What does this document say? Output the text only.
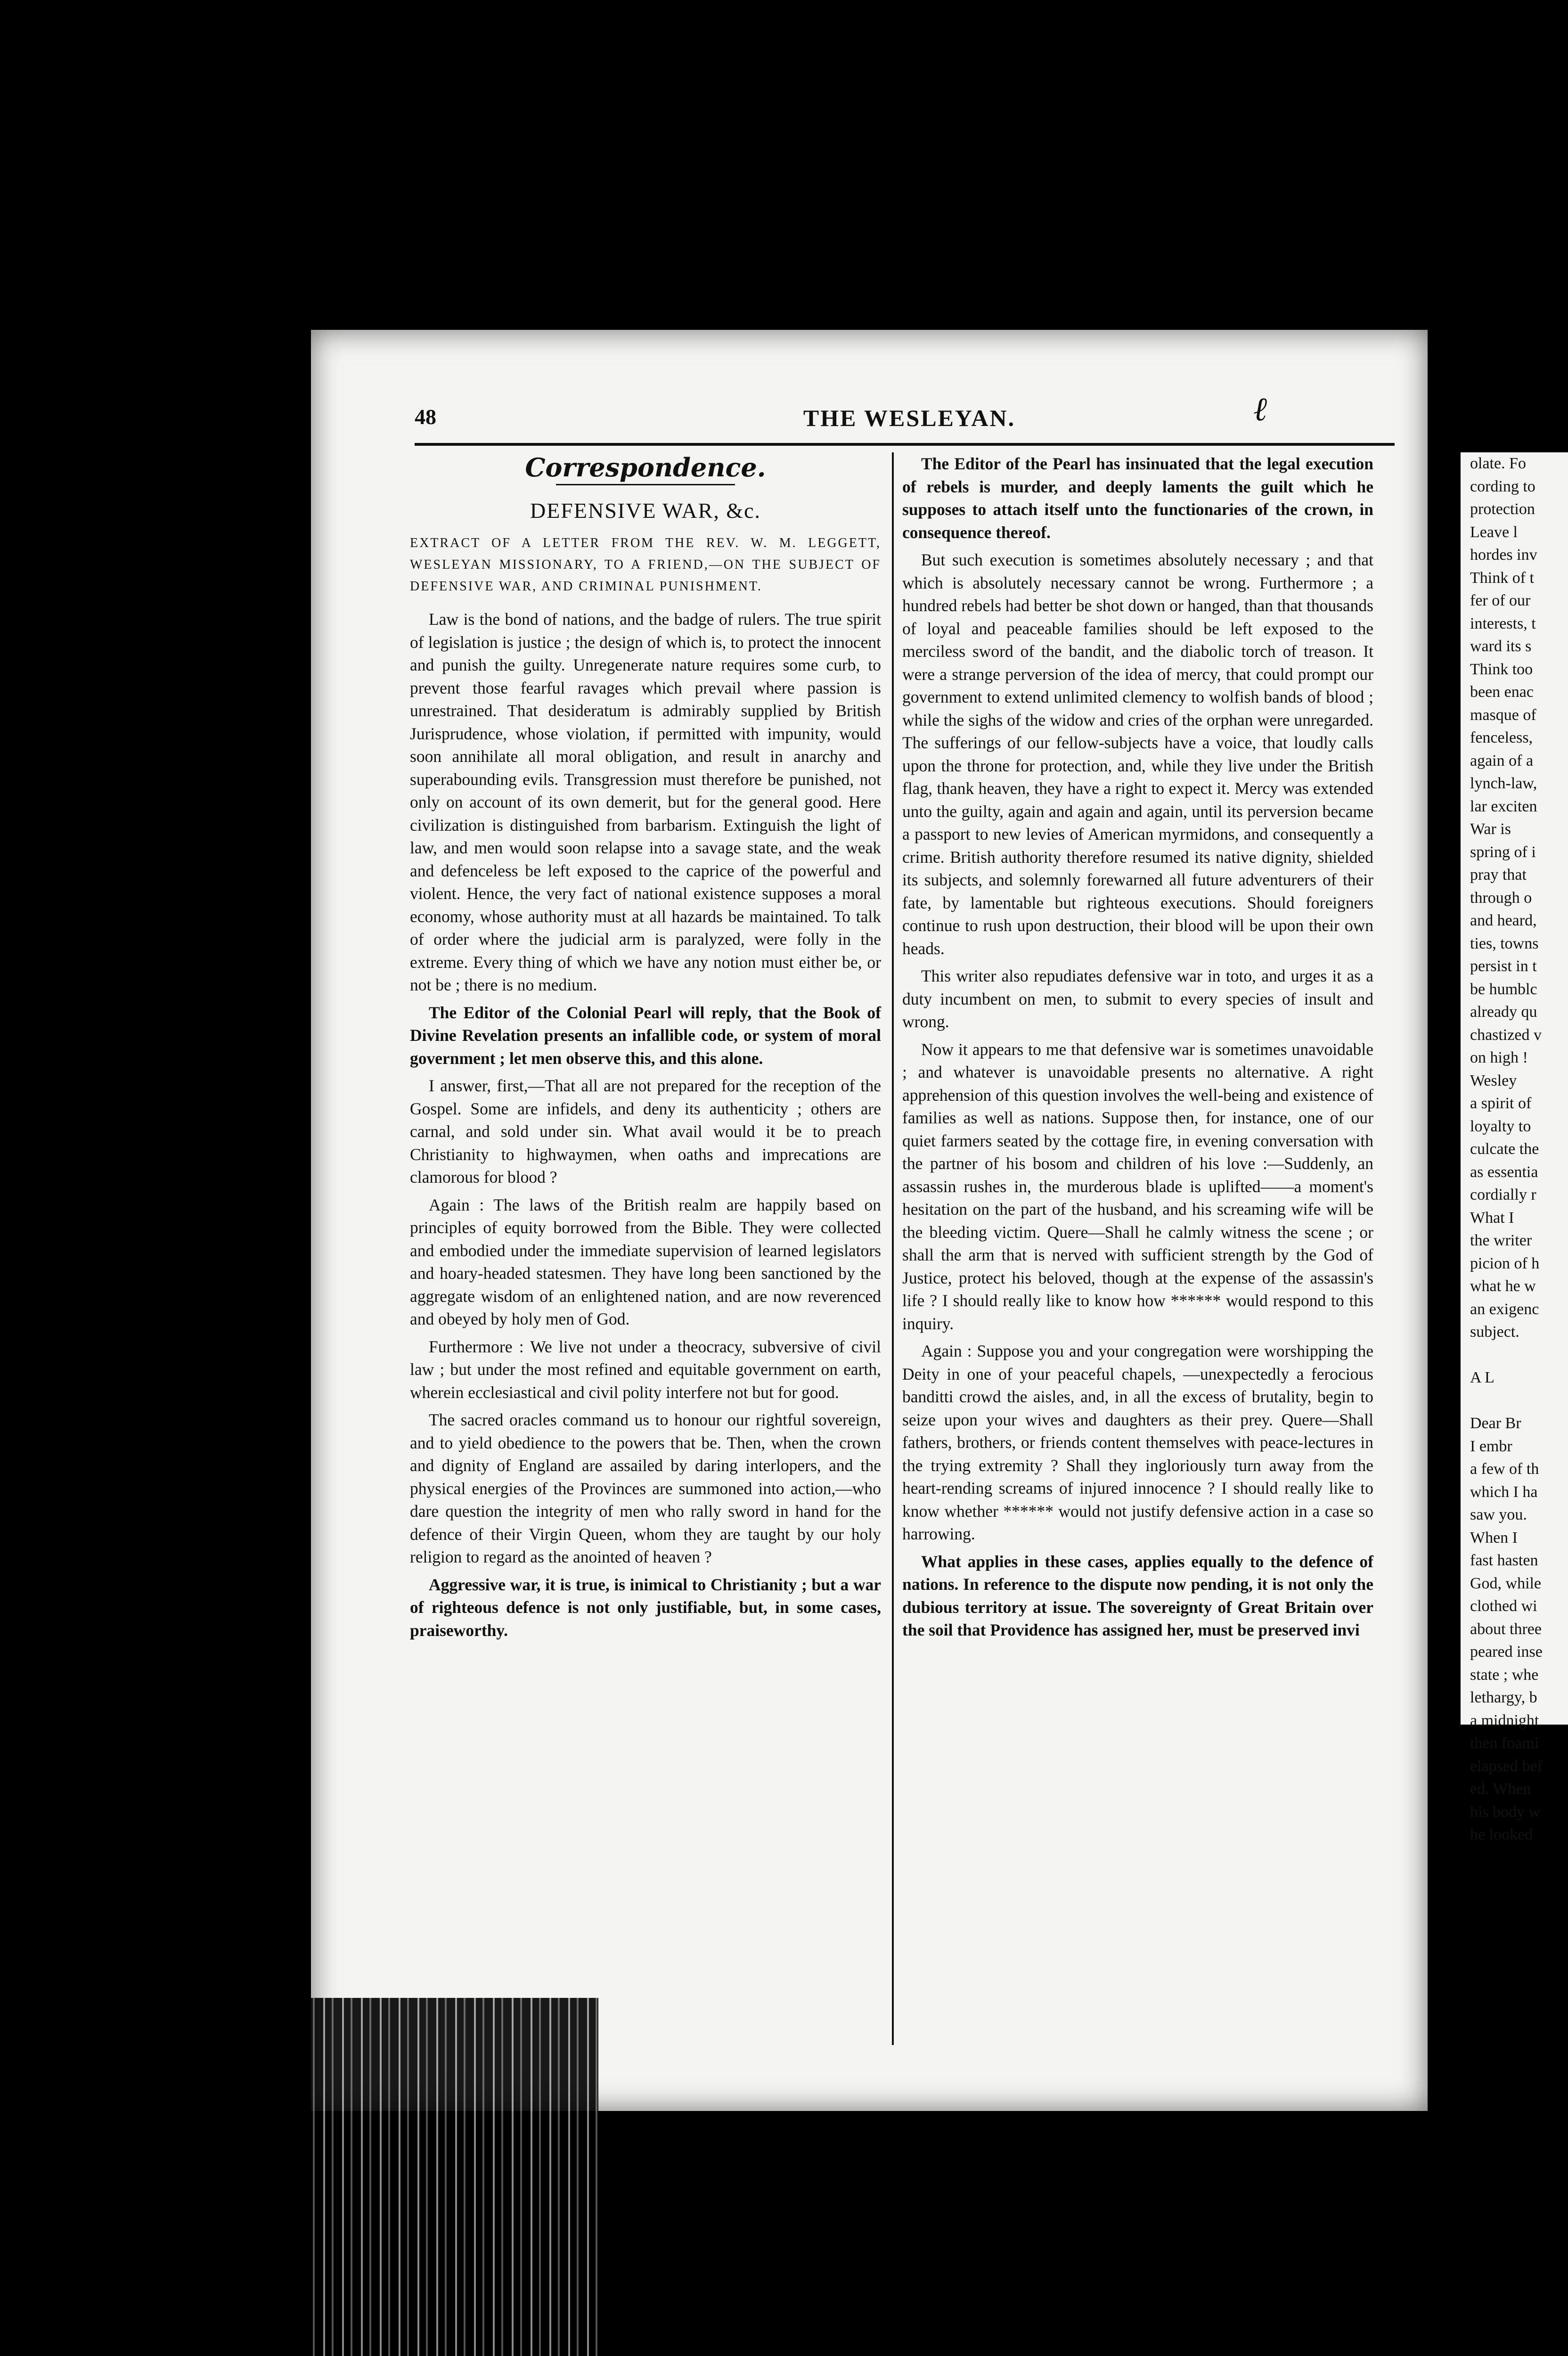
48	THE WESLEYAN.	ℓ
Correspondence.
DEFENSIVE WAR, &c.
EXTRACT OF A LETTER FROM THE REV. W. M. LEGGETT, WESLEYAN MISSIONARY, TO A FRIEND,—ON THE SUBJECT OF DEFENSIVE WAR, AND CRIMINAL PUNISHMENT.

Law is the bond of nations, and the badge of rulers. The true spirit of legislation is justice ; the design of which is, to protect the innocent and punish the guilty. Unregenerate nature requires some curb, to prevent those fearful ravages which prevail where passion is unrestrained. That desideratum is admirably supplied by British Jurisprudence, whose violation, if permitted with impunity, would soon annihilate all moral obligation, and result in anarchy and superabounding evils. Transgression must therefore be punished, not only on account of its own demerit, but for the general good. Here civilization is distinguished from barbarism. Extinguish the light of law, and men would soon relapse into a savage state, and the weak and defenceless be left exposed to the caprice of the powerful and violent. Hence, the very fact of national existence supposes a moral economy, whose authority must at all hazards be maintained. To talk of order where the judicial arm is paralyzed, were folly in the extreme. Every thing of which we have any notion must either be, or not be ; there is no medium.

The Editor of the Colonial Pearl will reply, that the Book of Divine Revelation presents an infallible code, or system of moral government ; let men observe this, and this alone.

I answer, first,—That all are not prepared for the reception of the Gospel. Some are infidels, and deny its authenticity ; others are carnal, and sold under sin. What avail would it be to preach Christianity to highwaymen, when oaths and imprecations are clamorous for blood ?

Again : The laws of the British realm are happily based on principles of equity borrowed from the Bible. They were collected and embodied under the immediate supervision of learned legislators and hoary-headed statesmen. They have long been sanctioned by the aggregate wisdom of an enlightened nation, and are now reverenced and obeyed by holy men of God.

Furthermore : We live not under a theocracy, subversive of civil law ; but under the most refined and equitable government on earth, wherein ecclesiastical and civil polity interfere not but for good.

The sacred oracles command us to honour our rightful sovereign, and to yield obedience to the powers that be. Then, when the crown and dignity of England are assailed by daring interlopers, and the physical energies of the Provinces are summoned into action,—who dare question the integrity of men who rally sword in hand for the defence of their Virgin Queen, whom they are taught by our holy religion to regard as the anointed of heaven ?

Aggressive war, it is true, is inimical to Christianity ; but a war of righteous defence is not only justifiable, but, in some cases, praiseworthy.

The Editor of the Pearl has insinuated that the legal execution of rebels is murder, and deeply laments the guilt which he supposes to attach itself unto the functionaries of the crown, in consequence thereof.

But such execution is sometimes absolutely necessary ; and that which is absolutely necessary cannot be wrong. Furthermore ; a hundred rebels had better be shot down or hanged, than that thousands of loyal and peaceable families should be left exposed to the merciless sword of the bandit, and the diabolic torch of treason. It were a strange perversion of the idea of mercy, that could prompt our government to extend unlimited clemency to wolfish bands of blood ; while the sighs of the widow and cries of the orphan were unregarded. The sufferings of our fellow-subjects have a voice, that loudly calls upon the throne for protection, and, while they live under the British flag, thank heaven, they have a right to expect it. Mercy was extended unto the guilty, again and again and again, until its perversion became a passport to new levies of American myrmidons, and consequently a crime. British authority therefore resumed its native dignity, shielded its subjects, and solemnly forewarned all future adventurers of their fate, by lamentable but righteous executions. Should foreigners continue to rush upon destruction, their blood will be upon their own heads.

This writer also repudiates defensive war in toto, and urges it as a duty incumbent on men, to submit to every species of insult and wrong.

Now it appears to me that defensive war is sometimes unavoidable ; and whatever is unavoidable presents no alternative. A right apprehension of this question involves the well-being and existence of families as well as nations. Suppose then, for instance, one of our quiet farmers seated by the cottage fire, in evening conversation with the partner of his bosom and children of his love :—Suddenly, an assassin rushes in, the murderous blade is uplifted——a moment's hesitation on the part of the husband, and his screaming wife will be the bleeding victim. Quere—Shall he calmly witness the scene ; or shall the arm that is nerved with sufficient strength by the God of Justice, protect his beloved, though at the expense of the assassin's life ? I should really like to know how ****** would respond to this inquiry.

Again : Suppose you and your congregation were worshipping the Deity in one of your peaceful chapels, —unexpectedly a ferocious banditti crowd the aisles, and, in all the excess of brutality, begin to seize upon your wives and daughters as their prey. Quere—Shall fathers, brothers, or friends content themselves with peace-lectures in the trying extremity ? Shall they ingloriously turn away from the heart-rending screams of injured innocence ? I should really like to know whether ****** would not justify defensive action in a case so harrowing.

What applies in these cases, applies equally to the defence of nations. In reference to the dispute now pending, it is not only the dubious territory at issue. The sovereignty of Great Britain over the soil that Providence has assigned her, must be preserved invi

olate. Fo
cording to
protection
Leave l
hordes inv
Think of t
fer of our
interests, t
ward its s
Think too
been enac
masque of
fenceless,
again of a
lynch-law,
lar exciten
War is
spring of i
pray that
through o
and heard,
ties, towns
persist in t
be humblc
already qu
chastized v
on high !
Wesley
a spirit of
loyalty to
culcate the
as essentia
cordially r
What I
the writer
picion of h
what he w
an exigenc
subject.

A L

Dear Br
I embr
a few of th
which I ha
saw you.
When I
fast hasten
God, while
clothed wi
about three
peared inse
state ; whe
lethargy, b
a midnight
then foami
elapsed bef
ed. When
his body w
he looked
